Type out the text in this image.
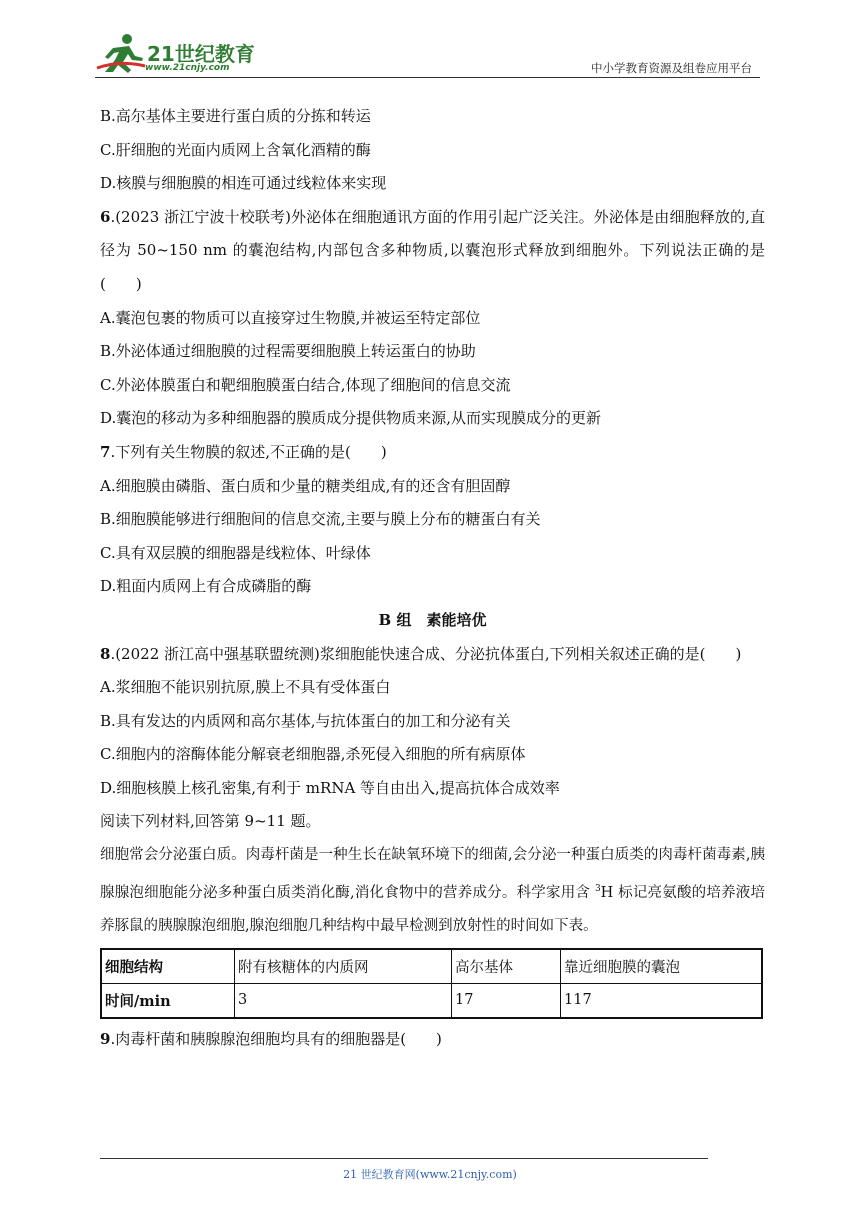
21世纪教育
www.21cnjy.com	中小学教育资源及组卷应用平台
B.高尔基体主要进行蛋白质的分拣和转运
C.肝细胞的光面内质网上含氧化酒精的酶
D.核膜与细胞膜的相连可通过线粒体来实现
6.(2023 浙江宁波十校联考)外泌体在细胞通讯方面的作用引起广泛关注。外泌体是由细胞释放的,直径为 50~150 nm 的囊泡结构,内部包含多种物质,以囊泡形式释放到细胞外。下列说法正确的是(　　)
A.囊泡包裹的物质可以直接穿过生物膜,并被运至特定部位
B.外泌体通过细胞膜的过程需要细胞膜上转运蛋白的协助
C.外泌体膜蛋白和靶细胞膜蛋白结合,体现了细胞间的信息交流
D.囊泡的移动为多种细胞器的膜质成分提供物质来源,从而实现膜成分的更新
7.下列有关生物膜的叙述,不正确的是(　　)
A.细胞膜由磷脂、蛋白质和少量的糖类组成,有的还含有胆固醇
B.细胞膜能够进行细胞间的信息交流,主要与膜上分布的糖蛋白有关
C.具有双层膜的细胞器是线粒体、叶绿体
D.粗面内质网上有合成磷脂的酶
B 组　素能培优
8.(2022 浙江高中强基联盟统测)浆细胞能快速合成、分泌抗体蛋白,下列相关叙述正确的是(　　)
A.浆细胞不能识别抗原,膜上不具有受体蛋白
B.具有发达的内质网和高尔基体,与抗体蛋白的加工和分泌有关
C.细胞内的溶酶体能分解衰老细胞器,杀死侵入细胞的所有病原体
D.细胞核膜上核孔密集,有利于 mRNA 等自由出入,提高抗体合成效率
阅读下列材料,回答第 9~11 题。
细胞常会分泌蛋白质。肉毒杆菌是一种生长在缺氧环境下的细菌,会分泌一种蛋白质类的肉毒杆菌毒素,胰腺腺泡细胞能分泌多种蛋白质类消化酶,消化食物中的营养成分。科学家用含 $^3$H 标记亮氨酸的培养液培养豚鼠的胰腺腺泡细胞,腺泡细胞几种结构中最早检测到放射性的时间如下表。
细胞结构	附有核糖体的内质网	高尔基体	靠近细胞膜的囊泡
时间/min	3	17	117
9.肉毒杆菌和胰腺腺泡细胞均具有的细胞器是(　　)
21 世纪教育网(www.21cnjy.com)
